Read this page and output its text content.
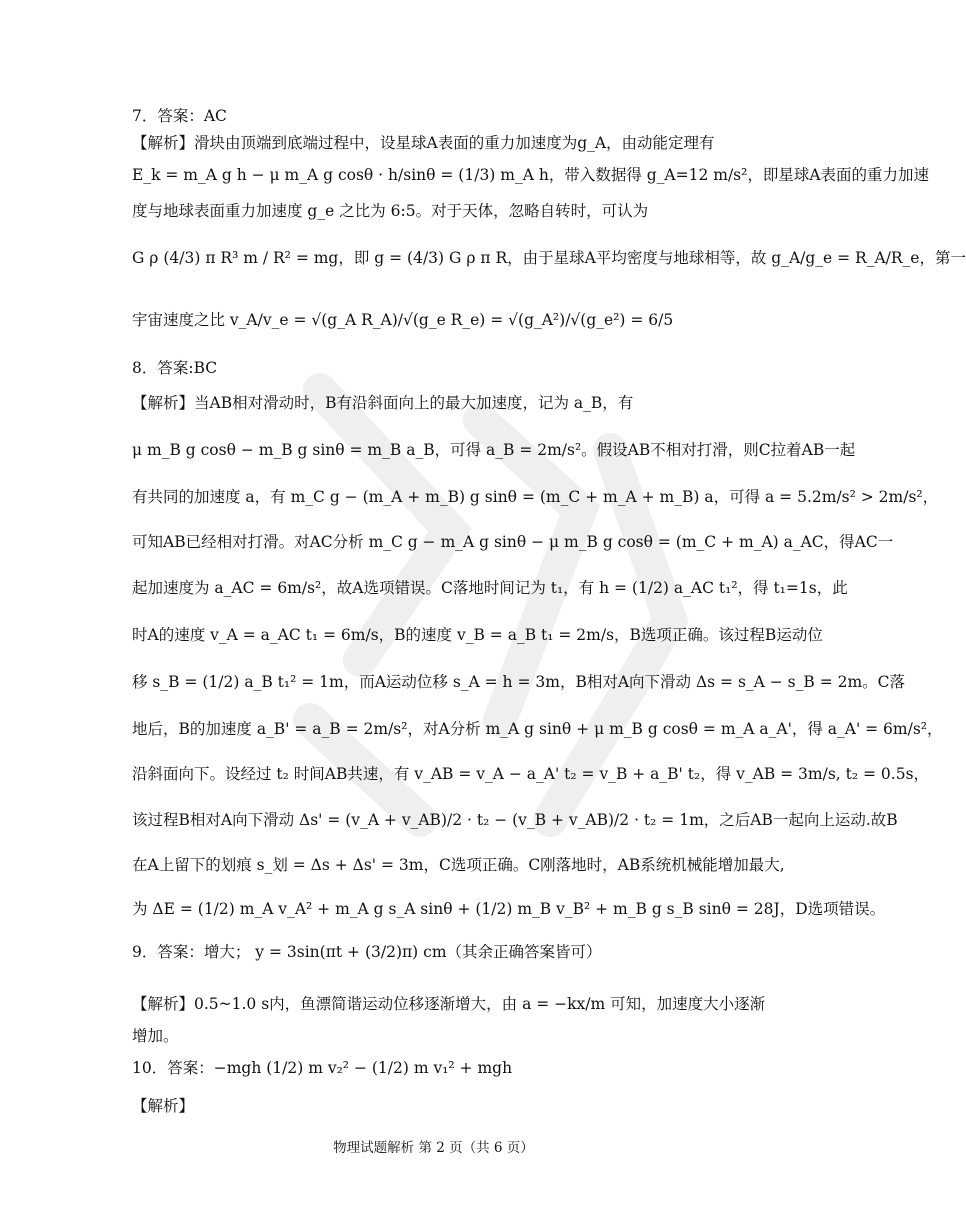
7．答案：AC
【解析】滑块由顶端到底端过程中，设星球A表面的重力加速度为g_A，由动能定理有
E_k = m_A g h − μ m_A g cosθ · h/sinθ = (1/3) m_A h，带入数据得 g_A=12 m/s²，即星球A表面的重力加速
度与地球表面重力加速度 g_e 之比为 6:5。对于天体，忽略自转时，可认为
G ρ (4/3) π R³ m / R² = mg，即 g = (4/3) G ρ π R，由于星球A平均密度与地球相等，故 g_A/g_e = R_A/R_e，第一
宇宙速度之比 v_A/v_e = √(g_A R_A)/√(g_e R_e) = √(g_A²)/√(g_e²) = 6/5
8．答案:BC
【解析】当AB相对滑动时，B有沿斜面向上的最大加速度，记为 a_B，有
μ m_B g cosθ − m_B g sinθ = m_B a_B，可得 a_B = 2m/s²。假设AB不相对打滑，则C拉着AB一起
有共同的加速度 a，有 m_C g − (m_A + m_B) g sinθ = (m_C + m_A + m_B) a，可得 a = 5.2m/s² > 2m/s²，
可知AB已经相对打滑。对AC分析 m_C g − m_A g sinθ − μ m_B g cosθ = (m_C + m_A) a_AC，得AC一
起加速度为 a_AC = 6m/s²，故A选项错误。C落地时间记为 t₁，有 h = (1/2) a_AC t₁²，得 t₁=1s，此
时A的速度 v_A = a_AC t₁ = 6m/s，B的速度 v_B = a_B t₁ = 2m/s，B选项正确。该过程B运动位
移 s_B = (1/2) a_B t₁² = 1m，而A运动位移 s_A = h = 3m，B相对A向下滑动 Δs = s_A − s_B = 2m。C落
地后，B的加速度 a_B' = a_B = 2m/s²，对A分析 m_A g sinθ + μ m_B g cosθ = m_A a_A'，得 a_A' = 6m/s²，
沿斜面向下。设经过 t₂ 时间AB共速，有 v_AB = v_A − a_A' t₂ = v_B + a_B' t₂，得 v_AB = 3m/s, t₂ = 0.5s，
该过程B相对A向下滑动 Δs' = (v_A + v_AB)/2 · t₂ − (v_B + v_AB)/2 · t₂ = 1m，之后AB一起向上运动.故B
在A上留下的划痕 s_划 = Δs + Δs' = 3m，C选项正确。C刚落地时，AB系统机械能增加最大,
为 ΔE = (1/2) m_A v_A² + m_A g s_A sinθ + (1/2) m_B v_B² + m_B g s_B sinθ = 28J，D选项错误。
9．答案：增大； y = 3sin(πt + (3/2)π) cm（其余正确答案皆可）
【解析】0.5~1.0 s内，鱼漂简谐运动位移逐渐增大，由 a = −kx/m 可知，加速度大小逐渐
增加。
10．答案：−mgh (1/2) m v₂² − (1/2) m v₁² + mgh
【解析】
物理试题解析 第 2 页（共 6 页）
